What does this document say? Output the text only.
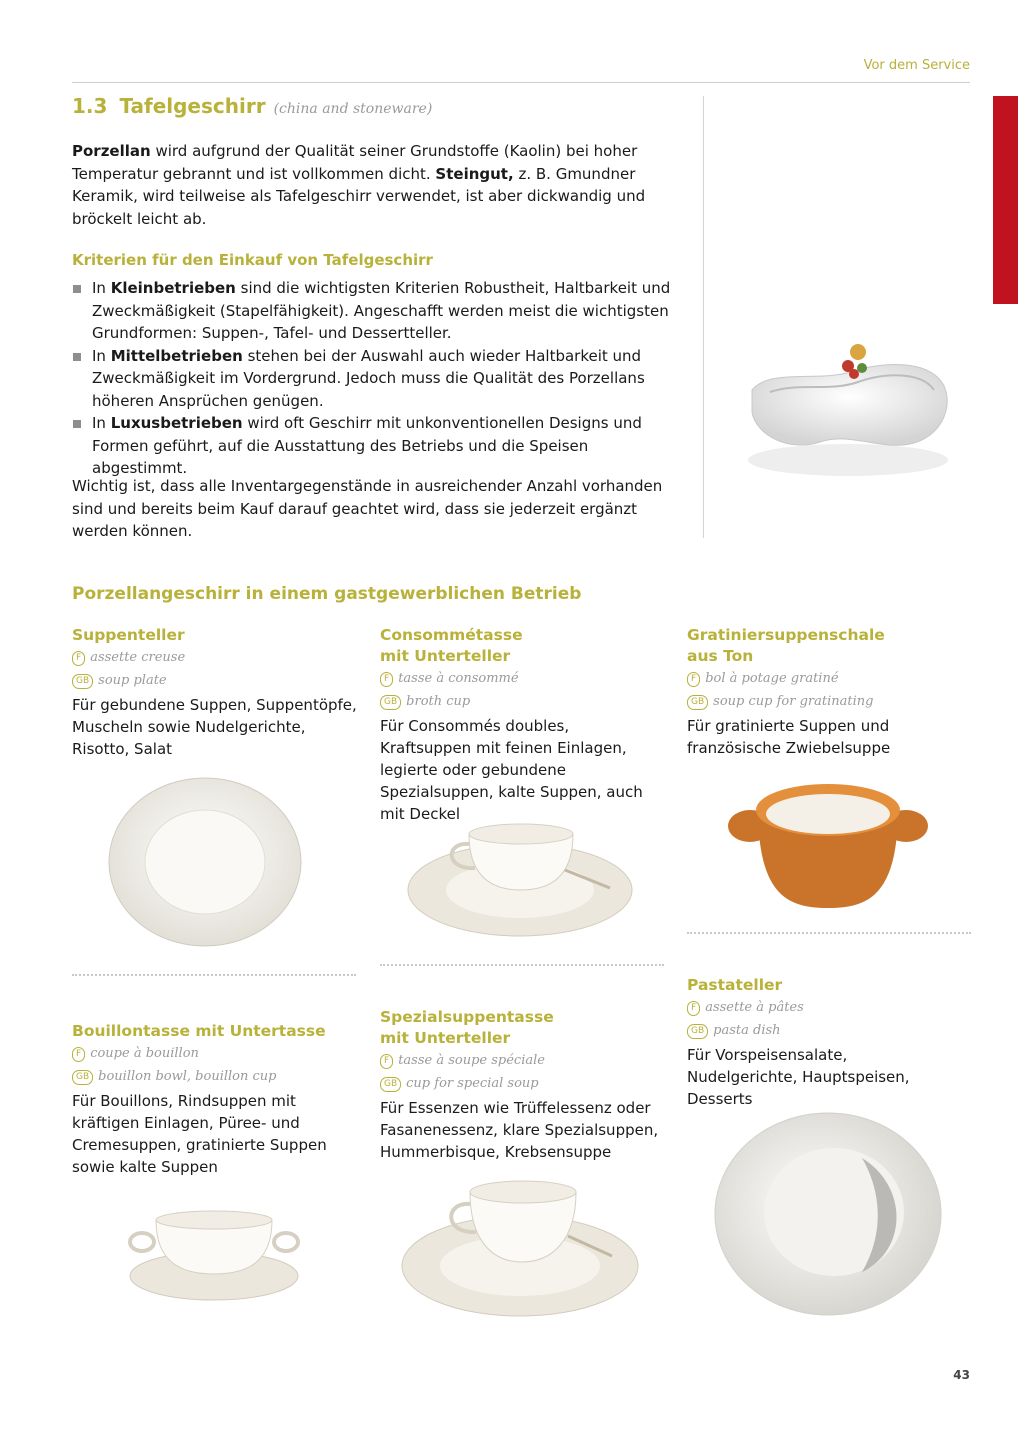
Vor dem Service
1.3 Tafelgeschirr (china and stoneware)
Porzellan wird aufgrund der Qualität seiner Grundstoffe (Kaolin) bei hoher Temperatur gebrannt und ist vollkommen dicht. Steingut, z. B. Gmundner Keramik, wird teilweise als Tafelgeschirr verwendet, ist aber dickwandig und bröckelt leicht ab.
Kriterien für den Einkauf von Tafelgeschirr
In Kleinbetrieben sind die wichtigsten Kriterien Robustheit, Haltbarkeit und Zweckmäßigkeit (Stapelfähigkeit). Angeschafft werden meist die wichtigsten Grundformen: Suppen-, Tafel- und Dessertteller.
In Mittelbetrieben stehen bei der Auswahl auch wieder Haltbarkeit und Zweckmäßigkeit im Vordergrund. Jedoch muss die Qualität des Porzellans höheren Ansprüchen genügen.
In Luxusbetrieben wird oft Geschirr mit unkonventionellen Designs und Formen geführt, auf die Ausstattung des Betriebs und die Speisen abgestimmt.
Wichtig ist, dass alle Inventargegenstände in ausreichender Anzahl vorhanden sind und bereits beim Kauf darauf geachtet wird, dass sie jederzeit ergänzt werden können.
Porzellangeschirr in einem gastgewerblichen Betrieb
Suppenteller
F assette creuse
GB soup plate
Für gebundene Suppen, Suppentöpfe, Muscheln sowie Nudelgerichte, Risotto, Salat
Consommétasse mit Unterteller
F tasse à consommé
GB broth cup
Für Consommés doubles, Kraftsuppen mit feinen Einlagen, legierte oder gebundene Spezialsuppen, kalte Suppen, auch mit Deckel
Gratiniersuppenschale aus Ton
F bol à potage gratiné
GB soup cup for gratinating
Für gratinierte Suppen und französische Zwiebelsuppe
Bouillontasse mit Untertasse
F coupe à bouillon
GB bouillon bowl, bouillon cup
Für Bouillons, Rindsuppen mit kräftigen Einlagen, Püree- und Cremesuppen, gratinierte Suppen sowie kalte Suppen
Spezialsuppentasse mit Unterteller
F tasse à soupe spéciale
GB cup for special soup
Für Essenzen wie Trüffelessenz oder Fasanenessenz, klare Spezialsuppen, Hummerbisque, Krebsensuppe
Pastateller
F assette à pâtes
GB pasta dish
Für Vorspeisensalate, Nudelgerichte, Hauptspeisen, Desserts
43
